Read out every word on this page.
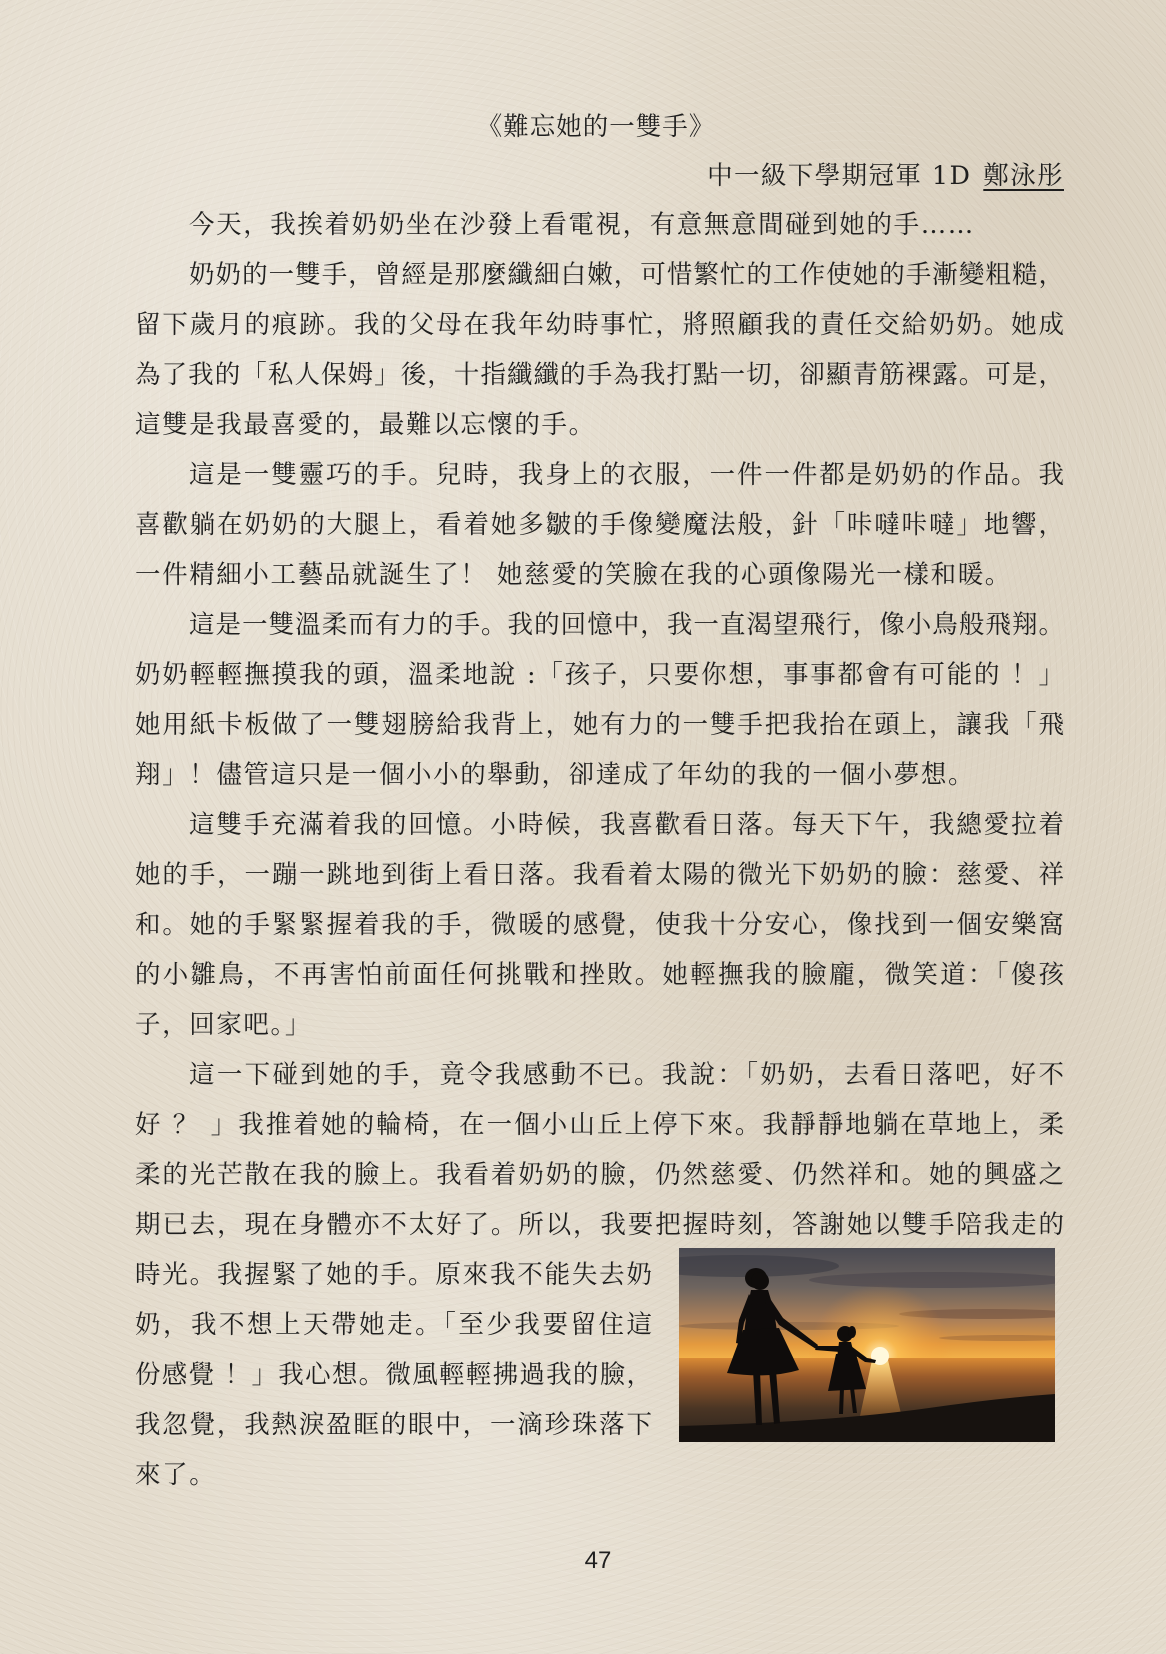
《難忘她的一雙手》
中一級下學期冠軍 1D 鄭泳彤
今天，我挨着奶奶坐在沙發上看電視，有意無意間碰到她的手……
奶奶的一雙手，曾經是那麼纖細白嫩，可惜繁忙的工作使她的手漸變粗糙，
留下歲月的痕跡。我的父母在我年幼時事忙，將照顧我的責任交給奶奶。她成
為了我的「私人保姆」後，十指纖纖的手為我打點一切，卻顯青筋裸露。可是，
這雙是我最喜愛的，最難以忘懷的手。
這是一雙靈巧的手。兒時，我身上的衣服，一件一件都是奶奶的作品。我
喜歡躺在奶奶的大腿上，看着她多皺的手像變魔法般，針「咔噠咔噠」地響，
一件精細小工藝品就誕生了！ 她慈愛的笑臉在我的心頭像陽光一樣和暖。
這是一雙溫柔而有力的手。我的回憶中，我一直渴望飛行，像小鳥般飛翔。
奶奶輕輕撫摸我的頭，溫柔地說 :「孩子，只要你想，事事都會有可能的 ！」
她用紙卡板做了一雙翅膀給我背上，她有力的一雙手把我抬在頭上，讓我「飛
翔」！儘管這只是一個小小的舉動，卻達成了年幼的我的一個小夢想。
這雙手充滿着我的回憶。小時候，我喜歡看日落。每天下午，我總愛拉着
她的手，一蹦一跳地到街上看日落。我看着太陽的微光下奶奶的臉：慈愛、祥
和。她的手緊緊握着我的手，微暖的感覺，使我十分安心，像找到一個安樂窩
的小雛鳥，不再害怕前面任何挑戰和挫敗。她輕撫我的臉龐，微笑道：「傻孩
子，回家吧。」
這一下碰到她的手，竟令我感動不已。我說：「奶奶，去看日落吧，好不
好 ？ 」我推着她的輪椅，在一個小山丘上停下來。我靜靜地躺在草地上，柔
柔的光芒散在我的臉上。我看着奶奶的臉，仍然慈愛、仍然祥和。她的興盛之
期已去，現在身體亦不太好了。所以，我要把握時刻，答謝她以雙手陪我走的
時光。我握緊了她的手。原來我不能失去奶
奶，我不想上天帶她走。「至少我要留住這
份感覺 ！」我心想。微風輕輕拂過我的臉，
我忽覺，我熱淚盈眶的眼中，一滴珍珠落下
來了。
47
